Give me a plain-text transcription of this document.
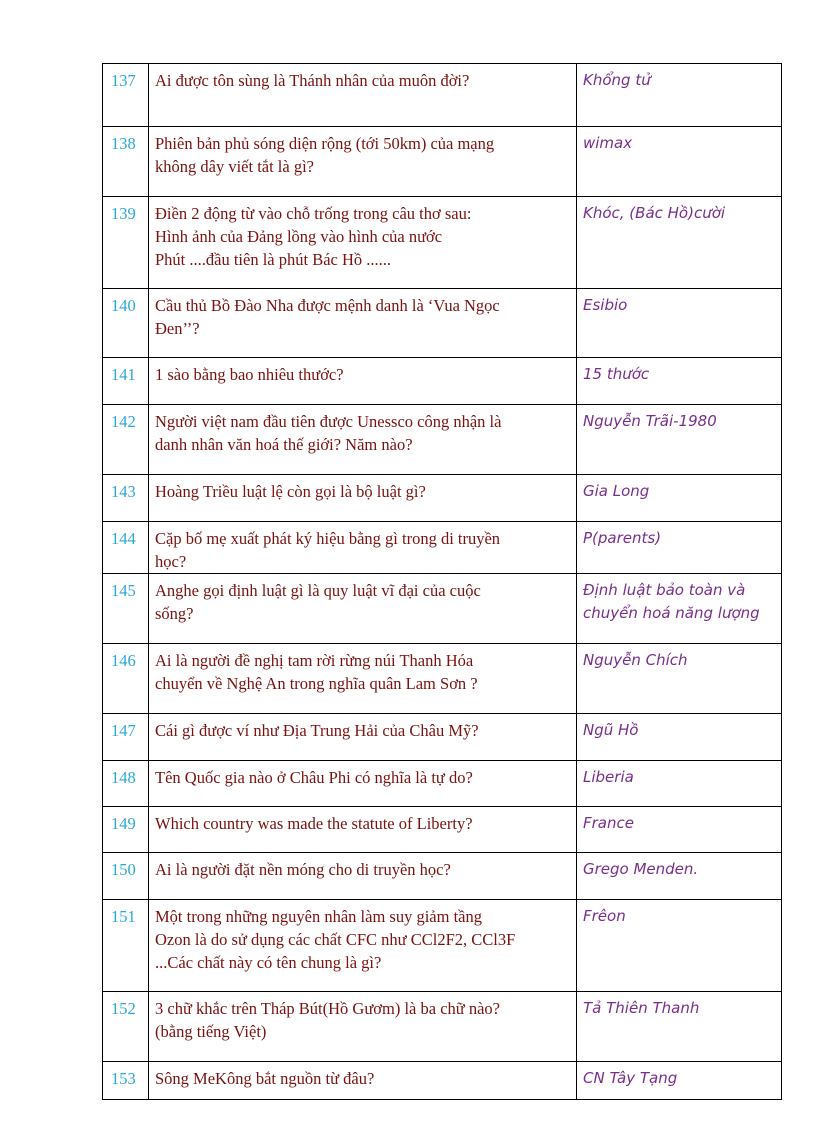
137	Ai được tôn sùng là Thánh nhân của muôn đời?	Khổng tử

138	Phiên bản phủ sóng diện rộng (tới 50km) của mạng
không dây viết tắt là gì?	wimax

139	Điền 2 động từ vào chỗ trống trong câu thơ sau:
Hình ảnh của Đảng lồng vào hình của nước
Phút ....đầu tiên là phút Bác Hồ ......	Khóc, (Bác Hồ)cười

140	Cầu thủ Bồ Đào Nha được mệnh danh là ‘Vua Ngọc
Đen’’?	Esibio

141	1 sào bằng bao nhiêu thước?	15 thước

142	Người việt nam đầu tiên được Unessco công nhận là
danh nhân văn hoá thế giới? Năm nào?	Nguyễn Trãi-1980

143	Hoàng Triều luật lệ còn gọi là bộ luật gì?	Gia Long

144	Cặp bố mẹ xuất phát ký hiệu bằng gì trong di truyền
học?	P(parents)

145	Anghe gọi định luật gì là quy luật vĩ đại của cuộc
sống?	Định luật bảo toàn và
chuyển hoá năng lượng

146	Ai là người đề nghị tam rời rừng núi Thanh Hóa
chuyển về Nghệ An trong nghĩa quân Lam Sơn ?	Nguyễn Chích

147	Cái gì được ví như Địa Trung Hải của Châu Mỹ?	Ngũ Hồ

148	Tên Quốc gia nào ở Châu Phi có nghĩa là tự do?	Liberia

149	Which country was made the statute of Liberty?	France

150	Ai là người đặt nền móng cho di truyền học?	Grego Menden.

151	Một trong những nguyên nhân làm suy giảm tầng
Ozon là do sử dụng các chất CFC như CCl2F2, CCl3F
...Các chất này có tên chung là gì?	Frêon

152	3 chữ khắc trên Tháp Bút(Hồ Gươm) là ba chữ nào?
(bằng tiếng Việt)	Tả Thiên Thanh

153	Sông MeKông bắt nguồn từ đâu?	CN Tây Tạng
